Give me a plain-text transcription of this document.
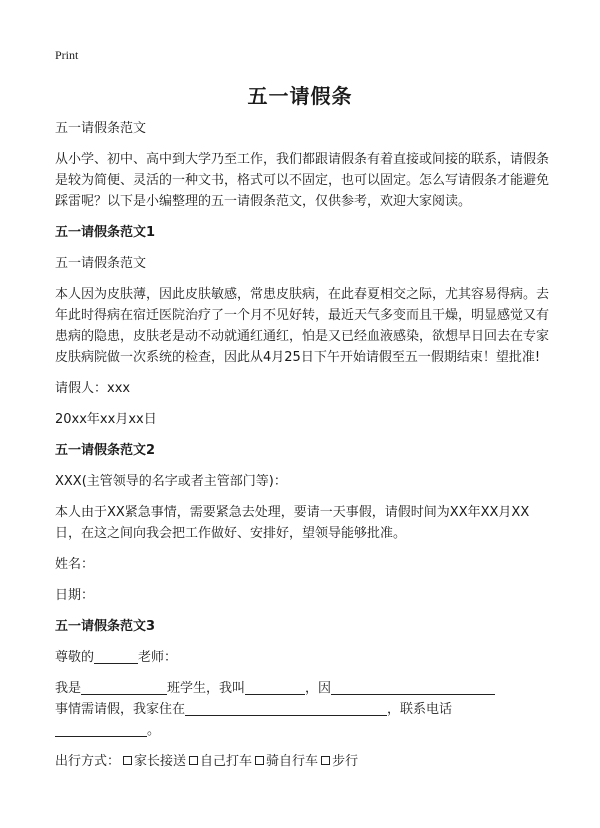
Print
五一请假条
五一请假条范文
从小学、初中、高中到大学乃至工作，我们都跟请假条有着直接或间接的联系，请假条是较为简便、灵活的一种文书，格式可以不固定，也可以固定。怎么写请假条才能避免踩雷呢？以下是小编整理的五一请假条范文，仅供参考，欢迎大家阅读。
五一请假条范文1
五一请假条范文
本人因为皮肤薄，因此皮肤敏感，常患皮肤病，在此春夏相交之际，尤其容易得病。去年此时得病在宿迁医院治疗了一个月不见好转，最近天气多变而且干燥，明显感觉又有患病的隐患，皮肤老是动不动就通红通红，怕是又已经血液感染，欲想早日回去在专家皮肤病院做一次系统的检查，因此从4月25日下午开始请假至五一假期结束！望批准!
请假人：xxx
20xx年xx月xx日
五一请假条范文2
XXX(主管领导的名字或者主管部门等)：
本人由于XX紧急事情，需要紧急去处理，要请一天事假，请假时间为XX年XX月XX日，在这之间向我会把工作做好、安排好，望领导能够批准。
姓名：
日期：
五一请假条范文3
尊敬的	老师：
我是	班学生，我叫	，因
事情需请假，我家住在	，联系电话
。
出行方式： 家长接送 自己打车 骑自行车 步行
